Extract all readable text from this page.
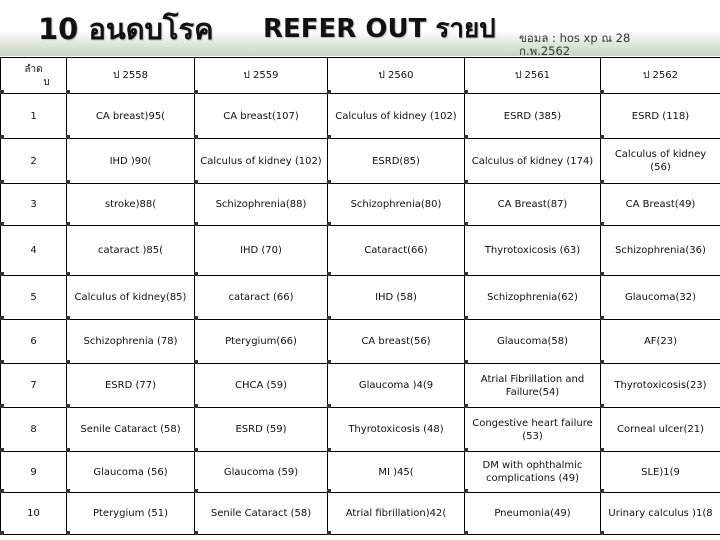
10 อนดบโรค REFER OUT รายป ขอมล : hos xp ณ 28
ก.พ.2562
ลำด
บ	ป 2558	ป 2559	ป 2560	ป 2561	ป 2562
1	CA breast)95(	CA breast(107)	Calculus of kidney (102)	ESRD (385)	ESRD (118)
2	IHD )90(	Calculus of kidney (102)	ESRD(85)	Calculus of kidney (174)	Calculus of kidney (56)
3	stroke)88(	Schizophrenia(88)	Schizophrenia(80)	CA Breast(87)	CA Breast(49)
4	cataract )85(	IHD (70)	Cataract(66)	Thyrotoxicosis (63)	Schizophrenia(36)
5	Calculus of kidney(85)	cataract (66)	IHD (58)	Schizophrenia(62)	Glaucoma(32)
6	Schizophrenia (78)	Pterygium(66)	CA breast(56)	Glaucoma(58)	AF(23)
7	ESRD (77)	CHCA (59)	Glaucoma )4(9	Atrial Fibrillation and Failure(54)	Thyrotoxicosis(23)
8	Senile Cataract (58)	ESRD (59)	Thyrotoxicosis (48)	Congestive heart failure (53)	Corneal ulcer(21)
9	Glaucoma (56)	Glaucoma (59)	MI )45(	DM with ophthalmic complications (49)	SLE)1(9
10	Pterygium (51)	Senile Cataract (58)	Atrial fibrillation)42(	Pneumonia(49)	Urinary calculus )1(8
